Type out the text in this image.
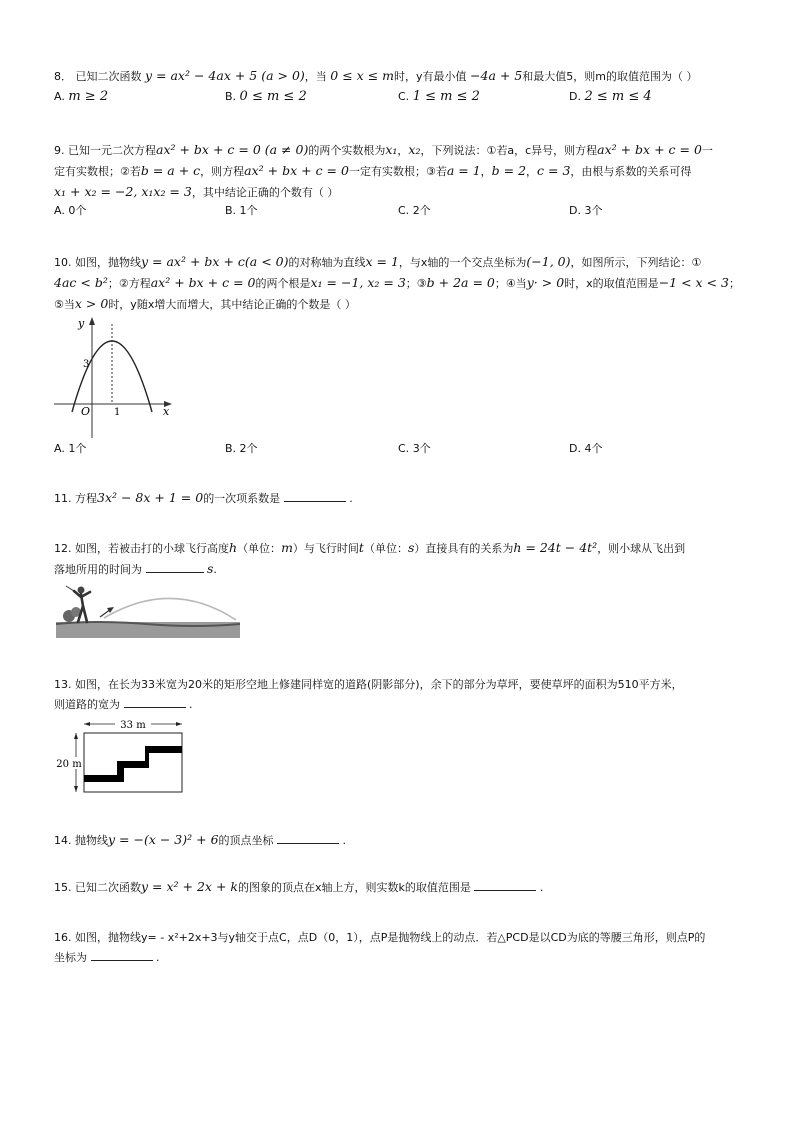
8． 已知二次函数 y = ax² − 4ax + 5 (a > 0)，当 0 ≤ x ≤ m时，y有最小值 −4a + 5和最大值5，则m的取值范围为（ ）
A. m ≥ 2	B. 0 ≤ m ≤ 2	C. 1 ≤ m ≤ 2	D. 2 ≤ m ≤ 4
9. 已知一元二次方程ax² + bx + c = 0 (a ≠ 0)的两个实数根为x₁，x₂，下列说法：①若a，c异号，则方程ax² + bx + c = 0一
定有实数根；②若b = a + c，则方程ax² + bx + c = 0一定有实数根；③若a = 1，b = 2，c = 3，由根与系数的关系可得
x₁ + x₂ = −2, x₁x₂ = 3，其中结论正确的个数有（ ）
A. 0个	B. 1个	C. 2个	D. 3个
10. 如图，抛物线y = ax² + bx + c(a < 0)的对称轴为直线x = 1，与x轴的一个交点坐标为(−1, 0)，如图所示，下列结论：①
4ac < b²；②方程ax² + bx + c = 0的两个根是x₁ = −1, x₂ = 3；③b + 2a = 0；④当y· > 0时，x的取值范围是−1 < x < 3；
⑤当x > 0时，y随x增大而增大，其中结论正确的个数是（ ）
y
x
O 1
3
A. 1个	B. 2个	C. 3个	D. 4个
11. 方程3x² − 8x + 1 = 0的一次项系数是	.
12. 如图，若被击打的小球飞行高度h（单位：m）与飞行时间t（单位：s）直接具有的关系为h = 24t − 4t²，则小球从飞出到
落地所用的时间为	s.
13. 如图，在长为33米宽为20米的矩形空地上修建同样宽的道路(阴影部分)，余下的部分为草坪，要使草坪的面积为510平方米，
则道路的宽为	.
33 m
20 m
14. 抛物线y = −(x − 3)² + 6的顶点坐标	.
15. 已知二次函数y = x² + 2x + k的图象的顶点在x轴上方，则实数k的取值范围是	.
16. 如图，抛物线y= - x²+2x+3与y轴交于点C，点D（0，1），点P是抛物线上的动点．若△PCD是以CD为底的等腰三角形，则点P的
坐标为	.
